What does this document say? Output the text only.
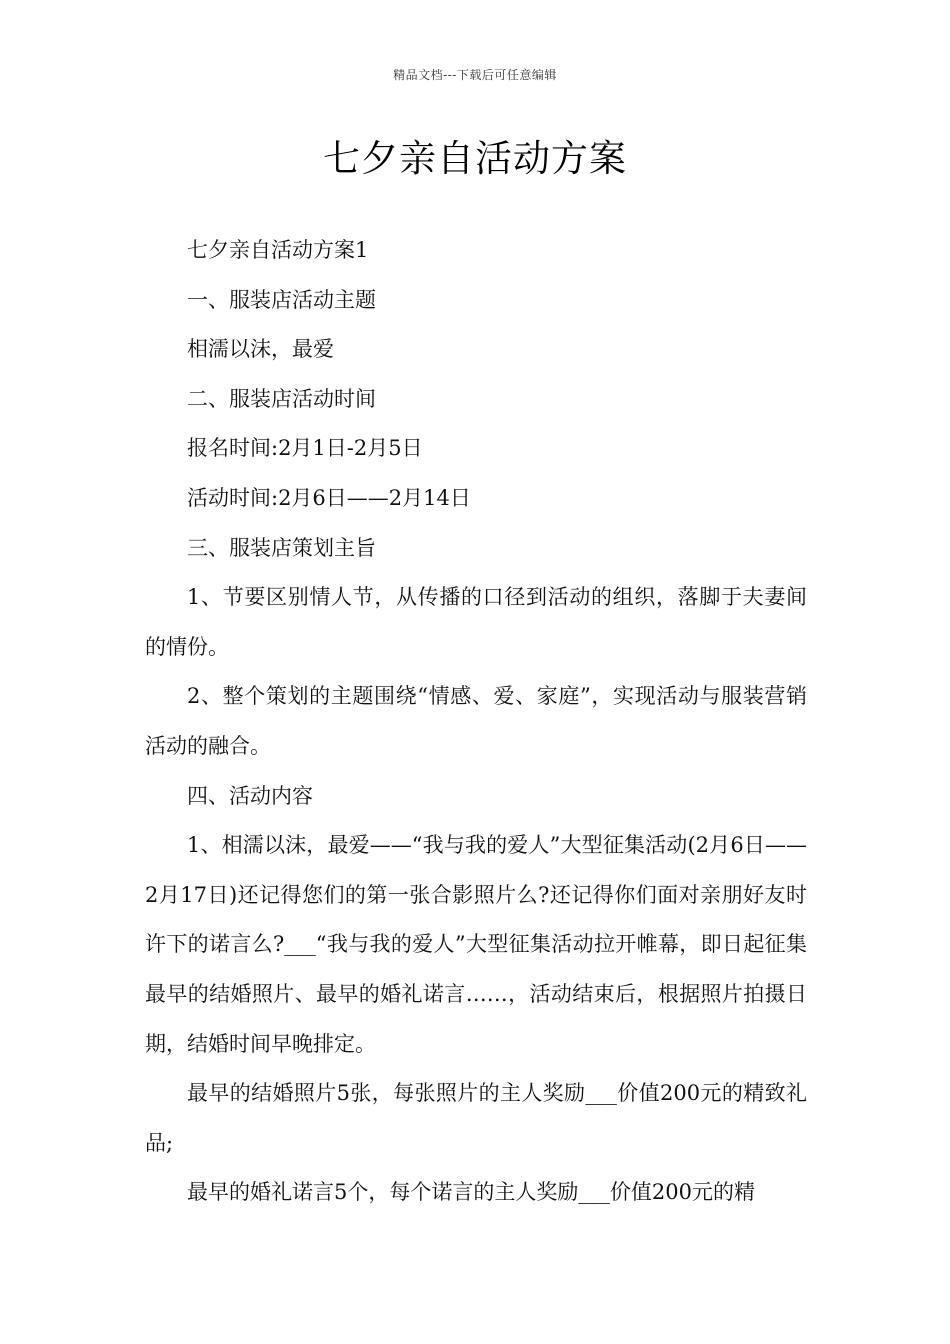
精品文档---下载后可任意编辑
七夕亲自活动方案

七夕亲自活动方案1

一、服装店活动主题

相濡以沫，最爱

二、服装店活动时间

报名时间:2月1日-2月5日

活动时间:2月6日——2月14日

三、服装店策划主旨

1、节要区别情人节，从传播的口径到活动的组织，落脚于夫妻间的情份。

2、整个策划的主题围绕“情感、爱、家庭”，实现活动与服装营销活动的融合。

四、活动内容

1、相濡以沫，最爱——“我与我的爱人”大型征集活动(2月6日——2月17日)还记得您们的第一张合影照片么?还记得你们面对亲朋好友时许下的诺言么?___“我与我的爱人”大型征集活动拉开帷幕，即日起征集最早的结婚照片、最早的婚礼诺言……，活动结束后，根据照片拍摄日期，结婚时间早晚排定。

最早的结婚照片5张，每张照片的主人奖励___价值200元的精致礼品;

最早的婚礼诺言5个，每个诺言的主人奖励___价值200元的精
